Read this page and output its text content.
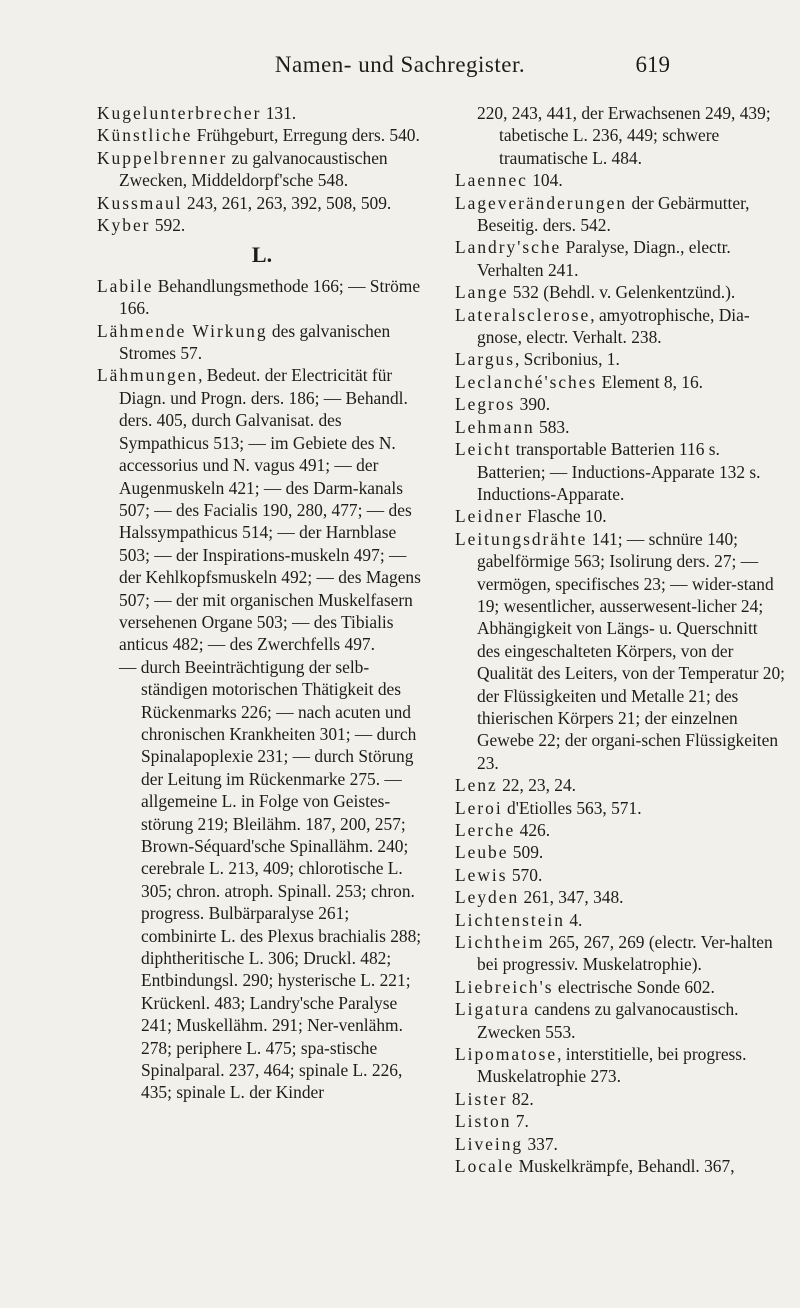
Namen- und Sachregister.	619

Kugelunterbrecher 131.

Künstliche Frühgeburt, Erregung ders. 540.

Kuppelbrenner zu galvanocaustischen Zwecken, Middeldorpf'sche 548.

Kussmaul 243, 261, 263, 392, 508, 509.

Kyber 592.

L.

Labile Behandlungsmethode 166; — Ströme 166.

Lähmende Wirkung des galvanischen Stromes 57.

Lähmungen, Bedeut. der Electricität für Diagn. und Progn. ders. 186; — Behandl. ders. 405, durch Galvanisat. des Sympathicus 513; — im Gebiete des N. accessorius und N. vagus 491; — der Augenmuskeln 421; — des Darm-kanals 507; — des Facialis 190, 280, 477; — des Halssympathicus 514; — der Harnblase 503; — der Inspirations-muskeln 497; — der Kehlkopfsmuskeln 492; — des Magens 507; — der mit organischen Muskelfasern versehenen Organe 503; — des Tibialis anticus 482; — des Zwerchfells 497.

— durch Beeinträchtigung der selb-ständigen motorischen Thätigkeit des Rückenmarks 226; — nach acuten und chronischen Krankheiten 301; — durch Spinalapoplexie 231; — durch Störung der Leitung im Rückenmarke 275. — allgemeine L. in Folge von Geistes-störung 219; Bleilähm. 187, 200, 257; Brown-Séquard'sche Spinallähm. 240; cerebrale L. 213, 409; chlorotische L. 305; chron. atroph. Spinall. 253; chron. progress. Bulbärparalyse 261; combinirte L. des Plexus brachialis 288; diphtheritische L. 306; Druckl. 482; Entbindungsl. 290; hysterische L. 221; Krückenl. 483; Landry'sche Paralyse 241; Muskellähm. 291; Ner-venlähm. 278; periphere L. 475; spa-stische Spinalparal. 237, 464; spinale L. 226, 435; spinale L. der Kinder

220, 243, 441, der Erwachsenen 249, 439; tabetische L. 236, 449; schwere traumatische L. 484.

Laennec 104.

Lageveränderungen der Gebärmutter, Beseitig. ders. 542.

Landry'sche Paralyse, Diagn., electr. Verhalten 241.

Lange 532 (Behdl. v. Gelenkentzünd.).

Lateralsclerose, amyotrophische, Dia-gnose, electr. Verhalt. 238.

Largus, Scribonius, 1.

Leclanché'sches Element 8, 16.

Legros 390.

Lehmann 583.

Leicht transportable Batterien 116 s. Batterien; — Inductions-Apparate 132 s. Inductions-Apparate.

Leidner Flasche 10.

Leitungsdrähte 141; — schnüre 140; gabelförmige 563; Isolirung ders. 27; — vermögen, specifisches 23; — wider-stand 19; wesentlicher, ausserwesent-licher 24; Abhängigkeit von Längs- u. Querschnitt des eingeschalteten Körpers, von der Qualität des Leiters, von der Temperatur 20; der Flüssigkeiten und Metalle 21; des thierischen Körpers 21; der einzelnen Gewebe 22; der organi-schen Flüssigkeiten 23.

Lenz 22, 23, 24.

Leroi d'Etiolles 563, 571.

Lerche 426.

Leube 509.

Lewis 570.

Leyden 261, 347, 348.

Lichtenstein 4.

Lichtheim 265, 267, 269 (electr. Ver-halten bei progressiv. Muskelatrophie).

Liebreich's electrische Sonde 602.

Ligatura candens zu galvanocaustisch. Zwecken 553.

Lipomatose, interstitielle, bei progress. Muskelatrophie 273.

Lister 82.

Liston 7.

Liveing 337.

Locale Muskelkrämpfe, Behandl. 367,
